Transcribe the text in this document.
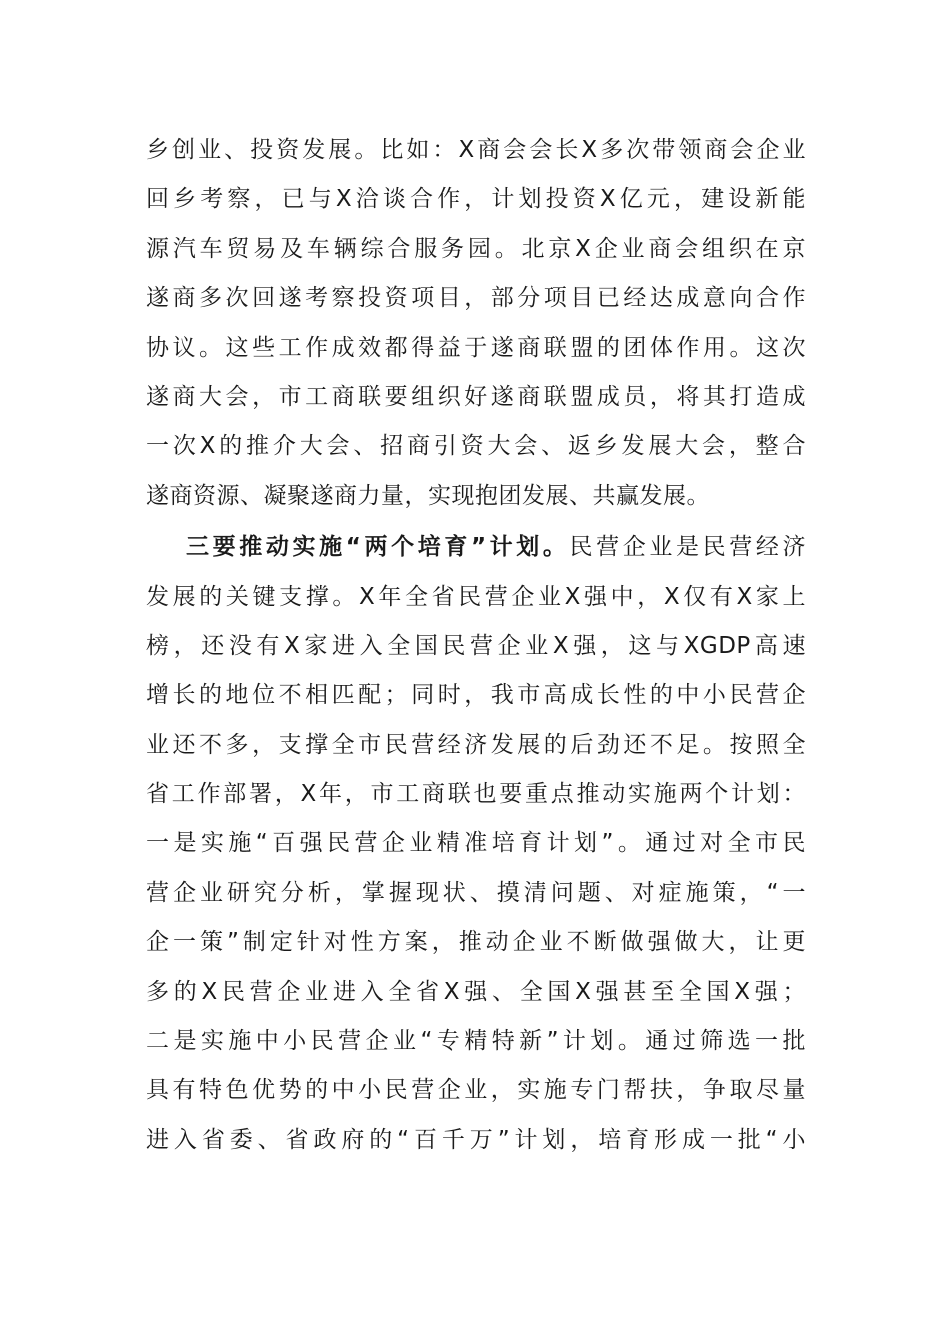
乡创业、投资发展。比如：X商会会长X多次带领商会企业
回乡考察，已与X洽谈合作，计划投资X亿元，建设新能
源汽车贸易及车辆综合服务园。北京X企业商会组织在京
遂商多次回遂考察投资项目，部分项目已经达成意向合作
协议。这些工作成效都得益于遂商联盟的团体作用。这次
遂商大会，市工商联要组织好遂商联盟成员，将其打造成
一次X的推介大会、招商引资大会、返乡发展大会，整合
遂商资源、凝聚遂商力量，实现抱团发展、共赢发展。
三要推动实施“两个培育”计划。民营企业是民营经济
发展的关键支撑。X年全省民营企业X强中，X仅有X家上
榜，还没有X家进入全国民营企业X强，这与XGDP高速
增长的地位不相匹配；同时，我市高成长性的中小民营企
业还不多，支撑全市民营经济发展的后劲还不足。按照全
省工作部署，X年，市工商联也要重点推动实施两个计划：
一是实施“百强民营企业精准培育计划”。通过对全市民
营企业研究分析，掌握现状、摸清问题、对症施策，“一
企一策”制定针对性方案，推动企业不断做强做大，让更
多的X民营企业进入全省X强、全国X强甚至全国X强；
二是实施中小民营企业“专精特新”计划。通过筛选一批
具有特色优势的中小民营企业，实施专门帮扶，争取尽量
进入省委、省政府的“百千万”计划，培育形成一批“小
